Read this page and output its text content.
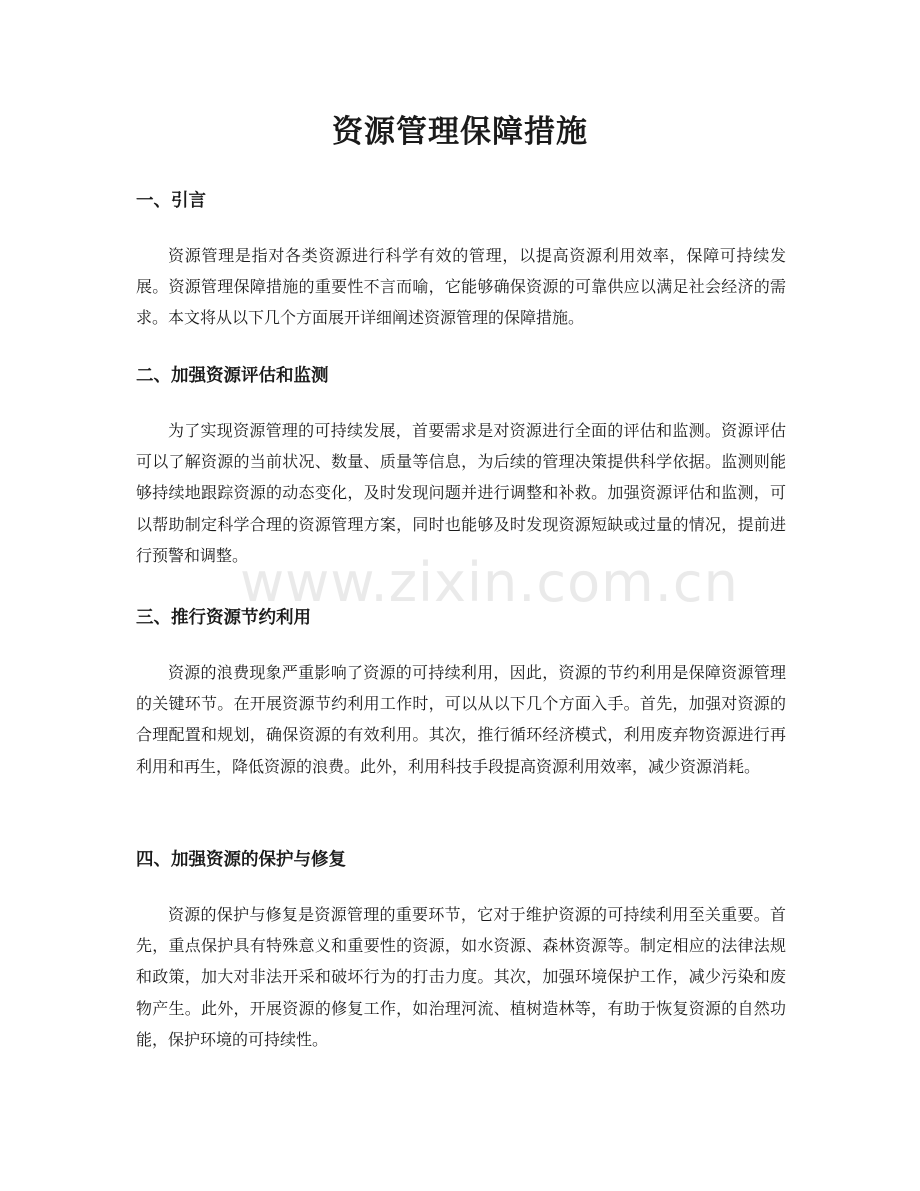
资源管理保障措施
一、引言

资源管理是指对各类资源进行科学有效的管理，以提高资源利用效率，保障可持续发展。资源管理保障措施的重要性不言而喻，它能够确保资源的可靠供应以满足社会经济的需求。本文将从以下几个方面展开详细阐述资源管理的保障措施。

二、加强资源评估和监测

为了实现资源管理的可持续发展，首要需求是对资源进行全面的评估和监测。资源评估可以了解资源的当前状况、数量、质量等信息，为后续的管理决策提供科学依据。监测则能够持续地跟踪资源的动态变化，及时发现问题并进行调整和补救。加强资源评估和监测，可以帮助制定科学合理的资源管理方案，同时也能够及时发现资源短缺或过量的情况，提前进行预警和调整。

三、推行资源节约利用

资源的浪费现象严重影响了资源的可持续利用，因此，资源的节约利用是保障资源管理的关键环节。在开展资源节约利用工作时，可以从以下几个方面入手。首先，加强对资源的合理配置和规划，确保资源的有效利用。其次，推行循环经济模式，利用废弃物资源进行再利用和再生，降低资源的浪费。此外，利用科技手段提高资源利用效率，减少资源消耗。

四、加强资源的保护与修复

资源的保护与修复是资源管理的重要环节，它对于维护资源的可持续利用至关重要。首先，重点保护具有特殊意义和重要性的资源，如水资源、森林资源等。制定相应的法律法规和政策，加大对非法开采和破坏行为的打击力度。其次，加强环境保护工作，减少污染和废物产生。此外，开展资源的修复工作，如治理河流、植树造林等，有助于恢复资源的自然功能，保护环境的可持续性。

www.zixin.com.cn
